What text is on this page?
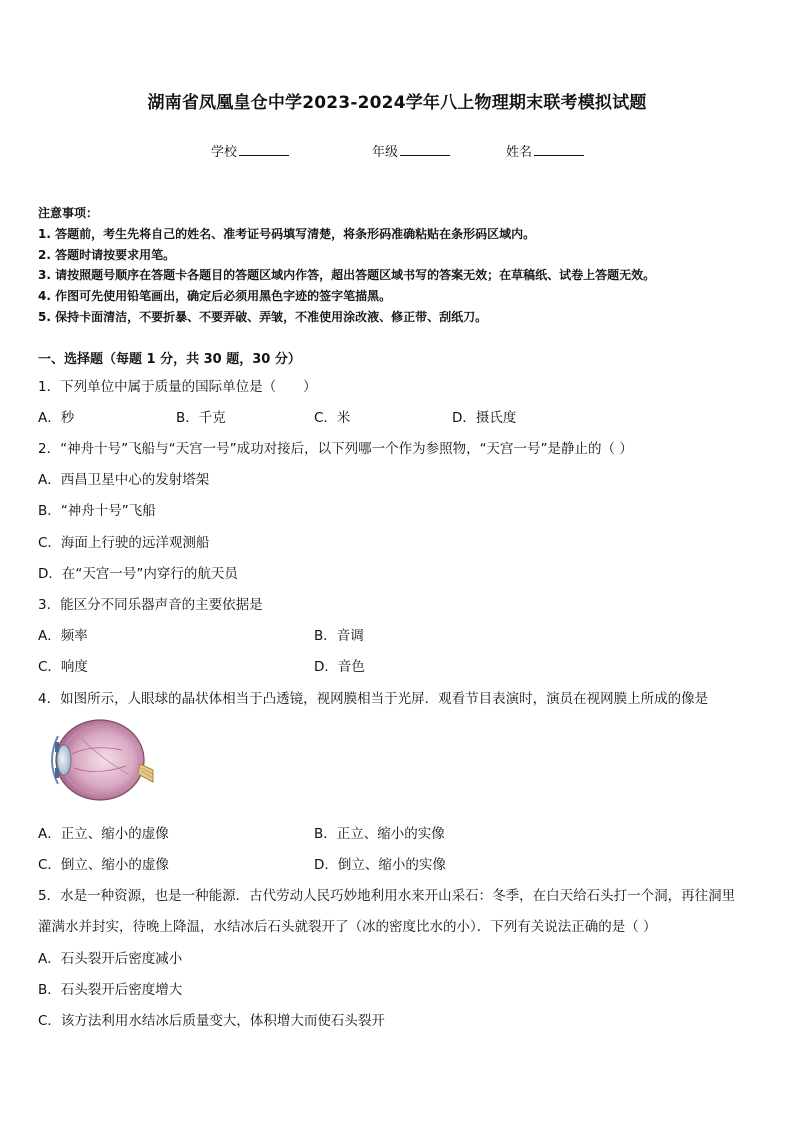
湖南省凤凰皇仓中学2023-2024学年八上物理期末联考模拟试题
学校	年级	姓名
注意事项：
1. 答题前，考生先将自己的姓名、准考证号码填写清楚，将条形码准确粘贴在条形码区域内。
2. 答题时请按要求用笔。
3. 请按照题号顺序在答题卡各题目的答题区域内作答，超出答题区域书写的答案无效；在草稿纸、试卷上答题无效。
4. 作图可先使用铅笔画出，确定后必须用黑色字迹的签字笔描黑。
5. 保持卡面清洁，不要折暴、不要弄破、弄皱，不准使用涂改液、修正带、刮纸刀。
一、选择题（每题 1 分，共 30 题，30 分）
1．下列单位中属于质量的国际单位是（　　）
A．秒	B．千克	C．米	D．摄氏度
2．“神舟十号”飞船与“天宫一号”成功对接后，以下列哪一个作为参照物，“天宫一号”是静止的（ ）
A．西昌卫星中心的发射塔架
B．“神舟十号”飞船
C．海面上行驶的远洋观测船
D．在“天宫一号”内穿行的航天员
3．能区分不同乐器声音的主要依据是
A．频率	B．音调
C．响度	D．音色
4．如图所示，人眼球的晶状体相当于凸透镜，视网膜相当于光屏．观看节目表演时，演员在视网膜上所成的像是
A．正立、缩小的虚像	B．正立、缩小的实像
C．倒立、缩小的虚像	D．倒立、缩小的实像
5．水是一种资源，也是一种能源．古代劳动人民巧妙地利用水来开山采石：冬季，在白天给石头打一个洞，再往洞里
灌满水并封实，待晚上降温，水结冰后石头就裂开了（冰的密度比水的小）．下列有关说法正确的是（ ）
A．石头裂开后密度减小
B．石头裂开后密度增大
C．该方法利用水结冰后质量变大，体积增大而使石头裂开
